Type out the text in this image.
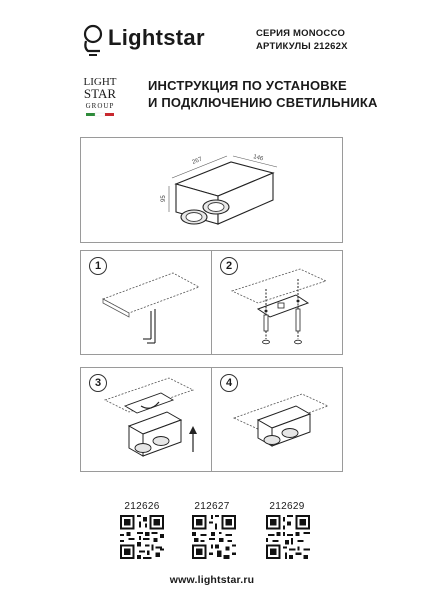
Lightstar	СЕРИЯ MONOCCO
АРТИКУЛЫ 21262X
LIGHT
STAR
GROUP
ИНСТРУКЦИЯ ПО УСТАНОВКЕ
И ПОДКЛЮЧЕНИЮ СВЕТИЛЬНИКА
267	146
95
1	2
3	4
212626	212627	212629
www.lightstar.ru
